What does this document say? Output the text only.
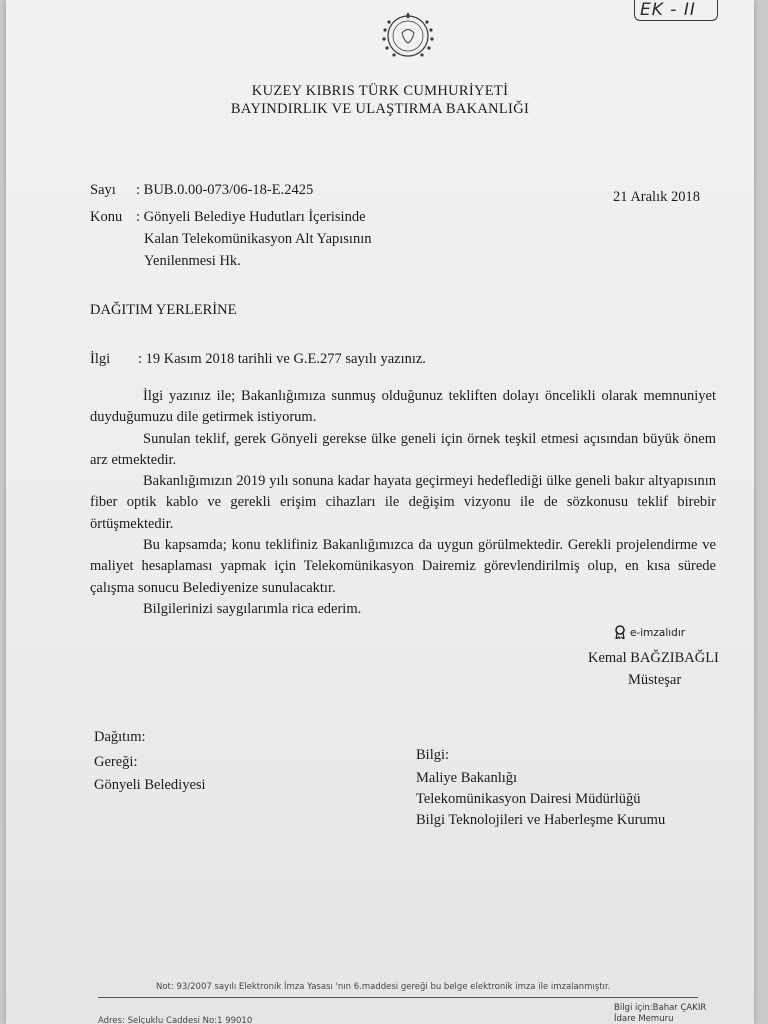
EK - II
KUZEY KIBRIS TÜRK CUMHURİYETİ
BAYINDIRLIK VE ULAŞTIRMA BAKANLIĞI
Sayı : BUB.0.00-073/06-18-E.2425	21 Aralık 2018
Konu : Gönyeli Belediye Hudutları İçerisinde
Kalan Telekomünikasyon Alt Yapısının
Yenilenmesi Hk.
DAĞITIM YERLERİNE
İlgi : 19 Kasım 2018 tarihli ve G.E.277 sayılı yazınız.

İlgi yazınız ile; Bakanlığımıza sunmuş olduğunuz tekliften dolayı öncelikli olarak memnuniyet duyduğumuzu dile getirmek istiyorum.

Sunulan teklif, gerek Gönyeli gerekse ülke geneli için örnek teşkil etmesi açısından büyük önem arz etmektedir.

Bakanlığımızın 2019 yılı sonuna kadar hayata geçirmeyi hedeflediği ülke geneli bakır altyapısının fiber optik kablo ve gerekli erişim cihazları ile değişim vizyonu ile de sözkonusu teklif birebir örtüşmektedir.

Bu kapsamda; konu teklifiniz Bakanlığımızca da uygun görülmektedir. Gerekli projelendirme ve maliyet hesaplaması yapmak için Telekomünikasyon Dairemiz görevlendirilmiş olup, en kısa sürede çalışma sonucu Belediyenize sunulacaktır.

Bilgilerinizi saygılarımla rica ederim.

e-imzalıdır
Kemal BAĞZIBAĞLI
Müsteşar
Dağıtım:
Gereği:
Gönyeli Belediyesi
Bilgi:
Maliye Bakanlığı
Telekomünikasyon Dairesi Müdürlüğü
Bilgi Teknolojileri ve Haberleşme Kurumu
Not: 93/2007 sayılı Elektronik İmza Yasası 'nın 6.maddesi gereği bu belge elektronik imza ile imzalanmıştır.
Bilgi için:Bahar ÇAKIR
İdare Memuru
Adres: Selçuklu Caddesi No:1 99010
